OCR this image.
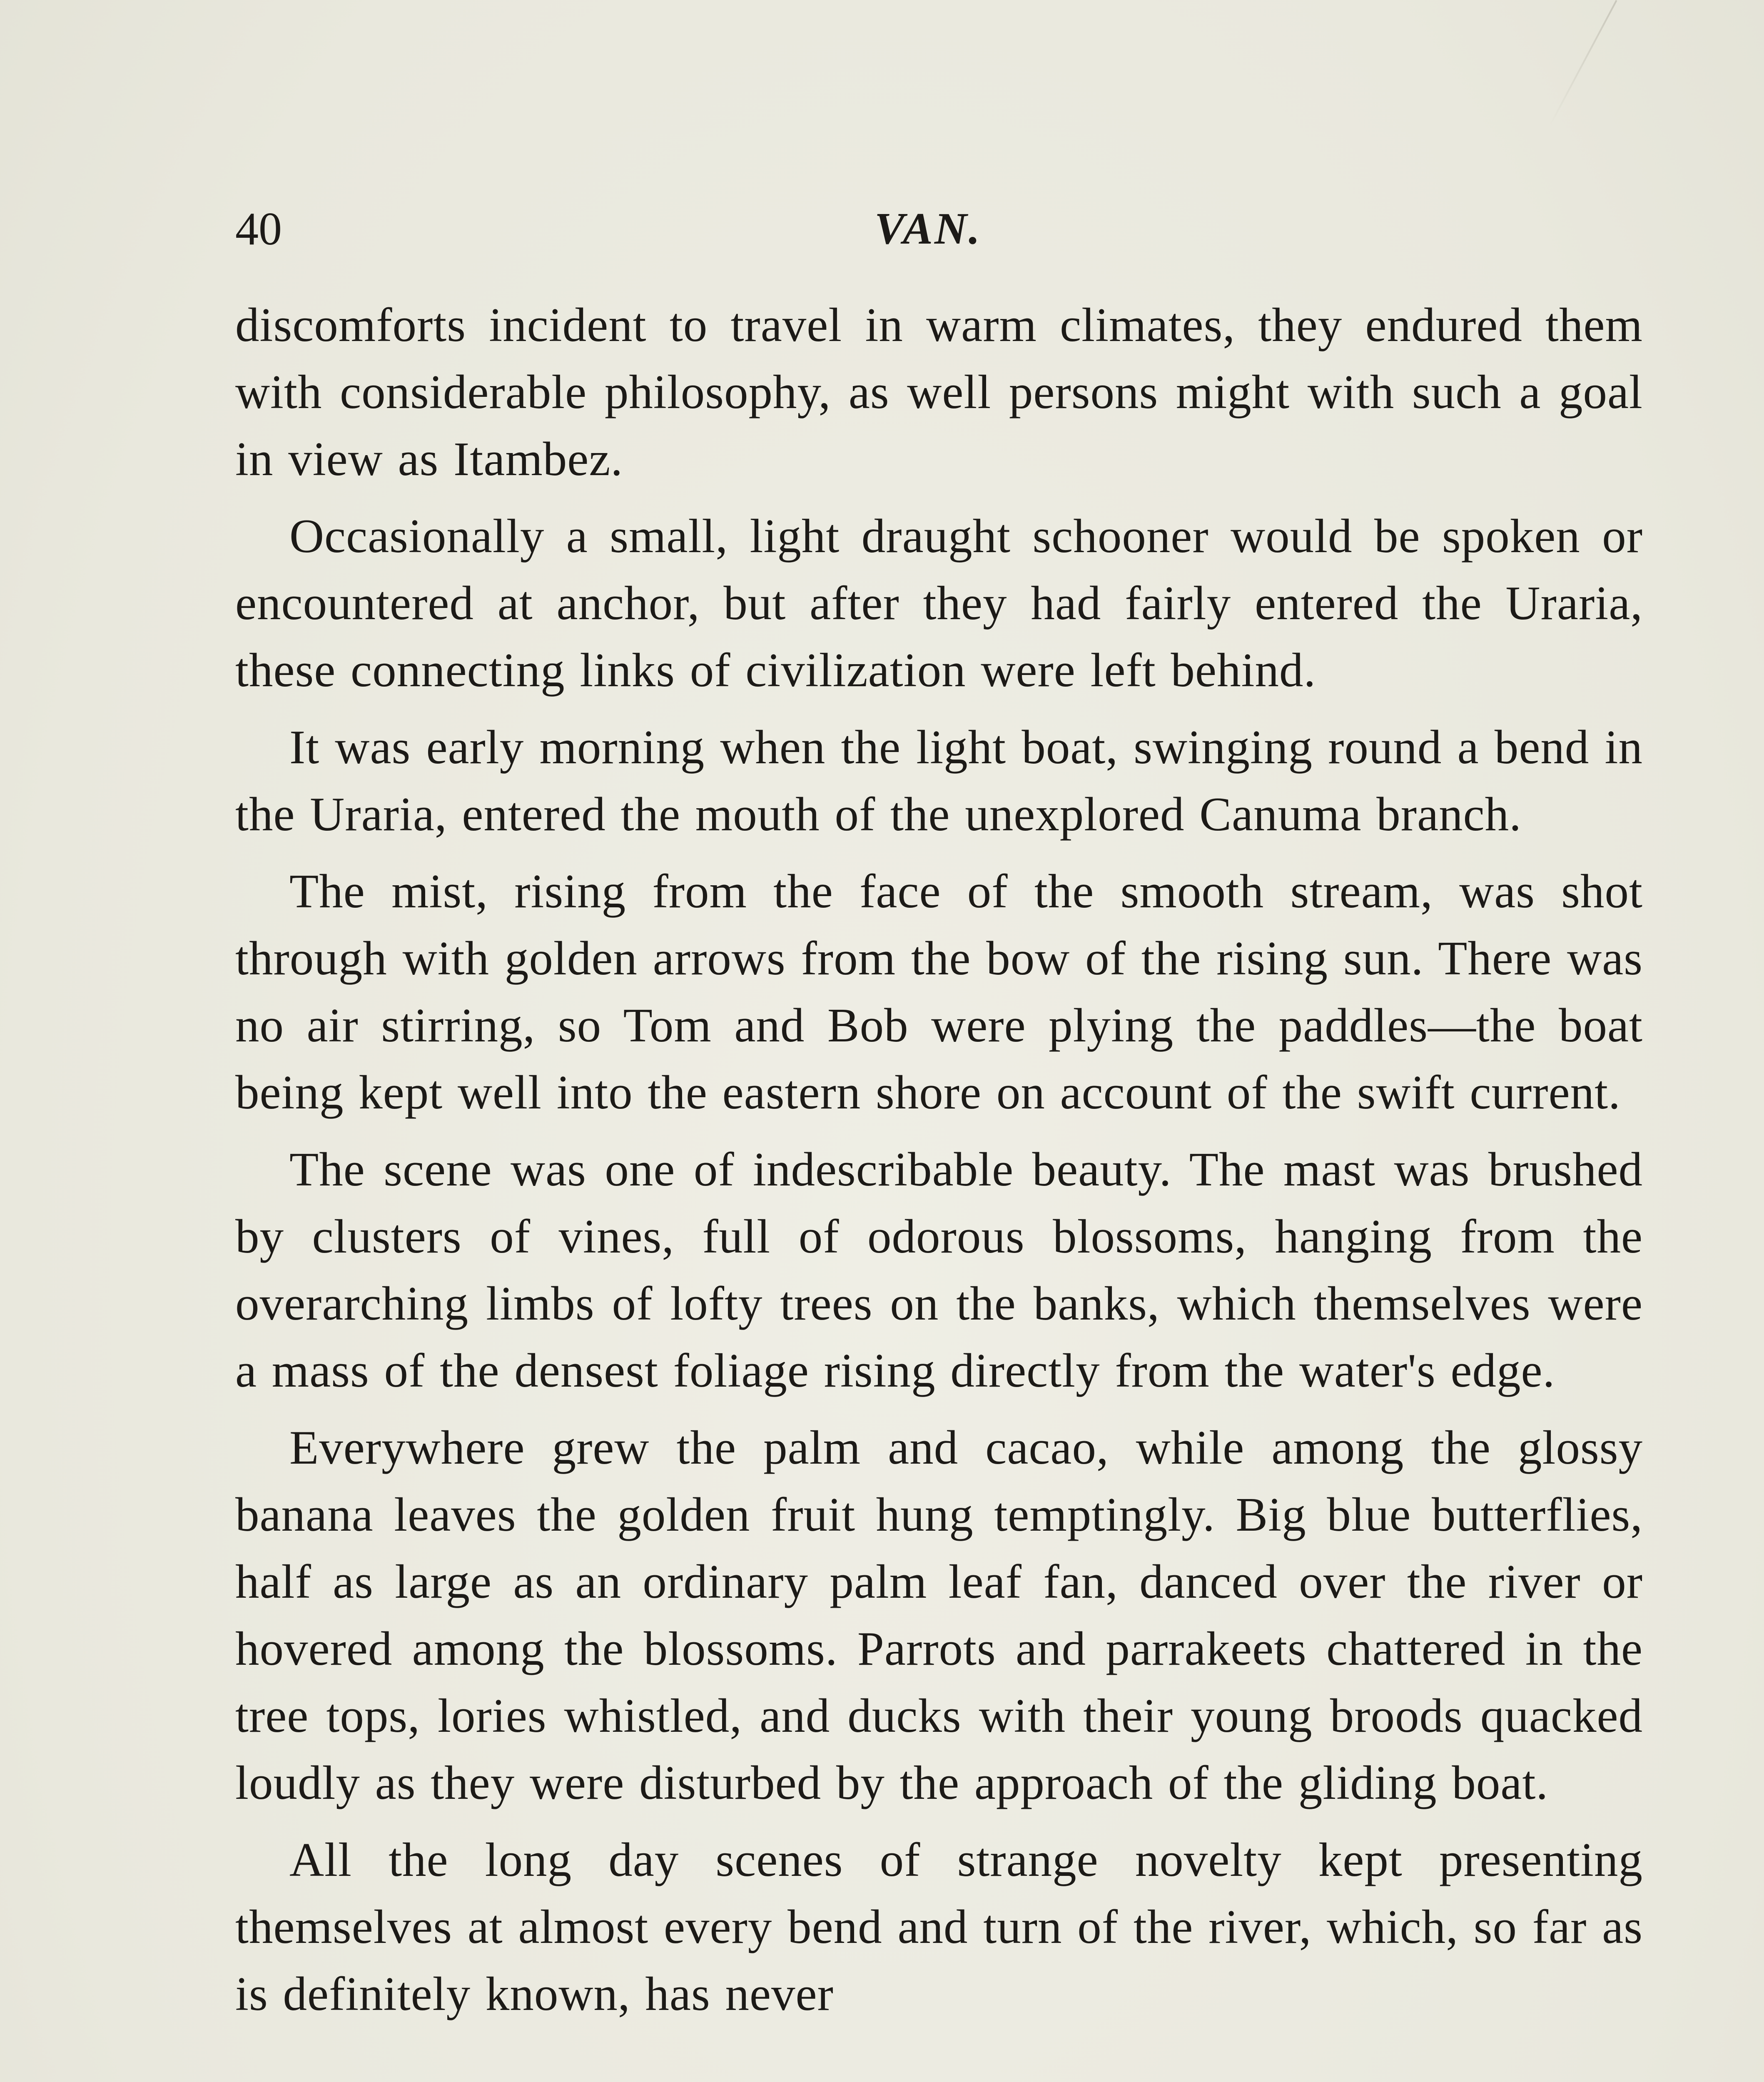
40	VAN.

discomforts incident to travel in warm climates, they endured them with considerable philosophy, as well persons might with such a goal in view as Itambez.

Occasionally a small, light draught schooner would be spoken or encountered at anchor, but after they had fairly entered the Uraria, these connecting links of civilization were left behind.

It was early morning when the light boat, swinging round a bend in the Uraria, entered the mouth of the unexplored Canuma branch.

The mist, rising from the face of the smooth stream, was shot through with golden arrows from the bow of the rising sun. There was no air stirring, so Tom and Bob were plying the paddles—the boat being kept well into the eastern shore on account of the swift current.

The scene was one of indescribable beauty. The mast was brushed by clusters of vines, full of odorous blossoms, hanging from the overarching limbs of lofty trees on the banks, which themselves were a mass of the densest foliage rising directly from the water's edge.

Everywhere grew the palm and cacao, while among the glossy banana leaves the golden fruit hung temptingly. Big blue butterflies, half as large as an ordinary palm leaf fan, danced over the river or hovered among the blossoms. Parrots and parrakeets chattered in the tree tops, lories whistled, and ducks with their young broods quacked loudly as they were disturbed by the approach of the gliding boat.

All the long day scenes of strange novelty kept presenting themselves at almost every bend and turn of the river, which, so far as is definitely known, has never
